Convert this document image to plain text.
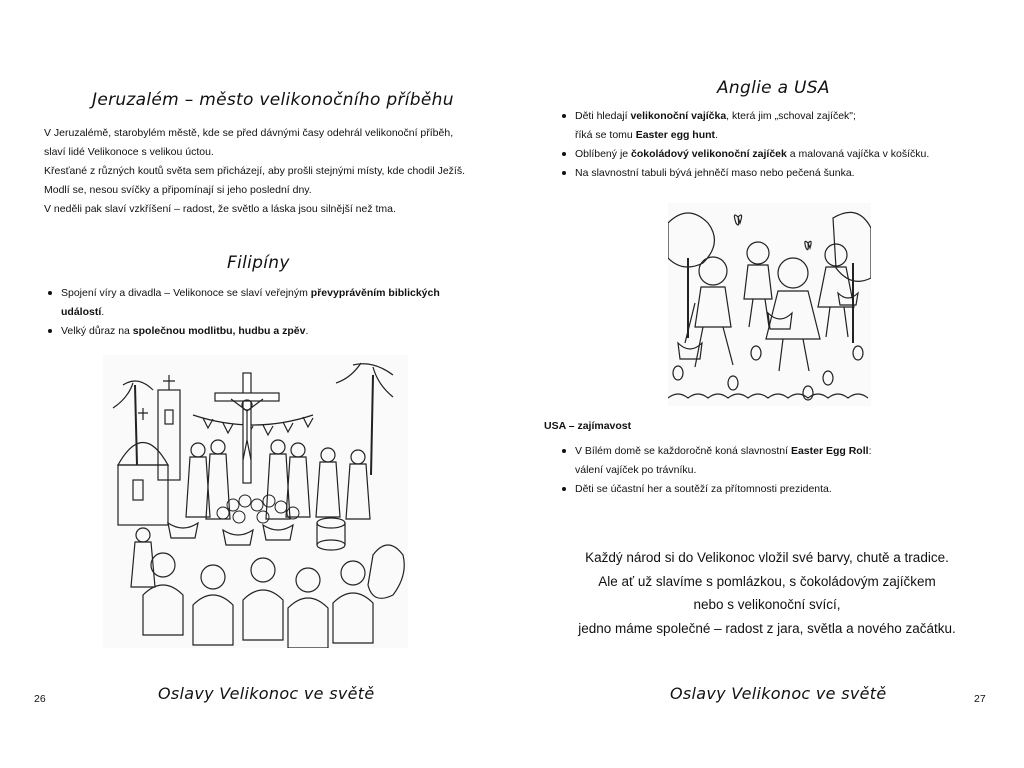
Jeruzalém – město velikonočního příběhu
V Jeruzalémě, starobylém městě, kde se před dávnými časy odehrál velikonoční příběh,
slaví lidé Velikonoce s velikou úctou.
Křesťané z různých koutů světa sem přicházejí, aby prošli stejnými místy, kde chodil Ježíš.
Modlí se, nesou svíčky a připomínají si jeho poslední dny.
V neděli pak slaví vzkříšení – radost, že světlo a láska jsou silnější než tma.
Filipíny
Spojení víry a divadla – Velikonoce se slaví veřejným převyprávěním biblických
událostí.
Velký důraz na společnou modlitbu, hudbu a zpěv.
26	Oslavy Velikonoc ve světě
Anglie a USA
Děti hledají velikonoční vajíčka, která jim „schoval zajíček";
říká se tomu Easter egg hunt.
Oblíbený je čokoládový velikonoční zajíček a malovaná vajíčka v košíčku.
Na slavnostní tabuli bývá jehněčí maso nebo pečená šunka.
USA – zajímavost
V Bílém domě se každoročně koná slavnostní Easter Egg Roll:
válení vajíček po trávníku.
Děti se účastní her a soutěží za přítomnosti prezidenta.
Každý národ si do Velikonoc vložil své barvy, chutě a tradice.
Ale ať už slavíme s pomlázkou, s čokoládovým zajíčkem
nebo s velikonoční svící,
jedno máme společné – radost z jara, světla a nového začátku.
Oslavy Velikonoc ve světě	27
